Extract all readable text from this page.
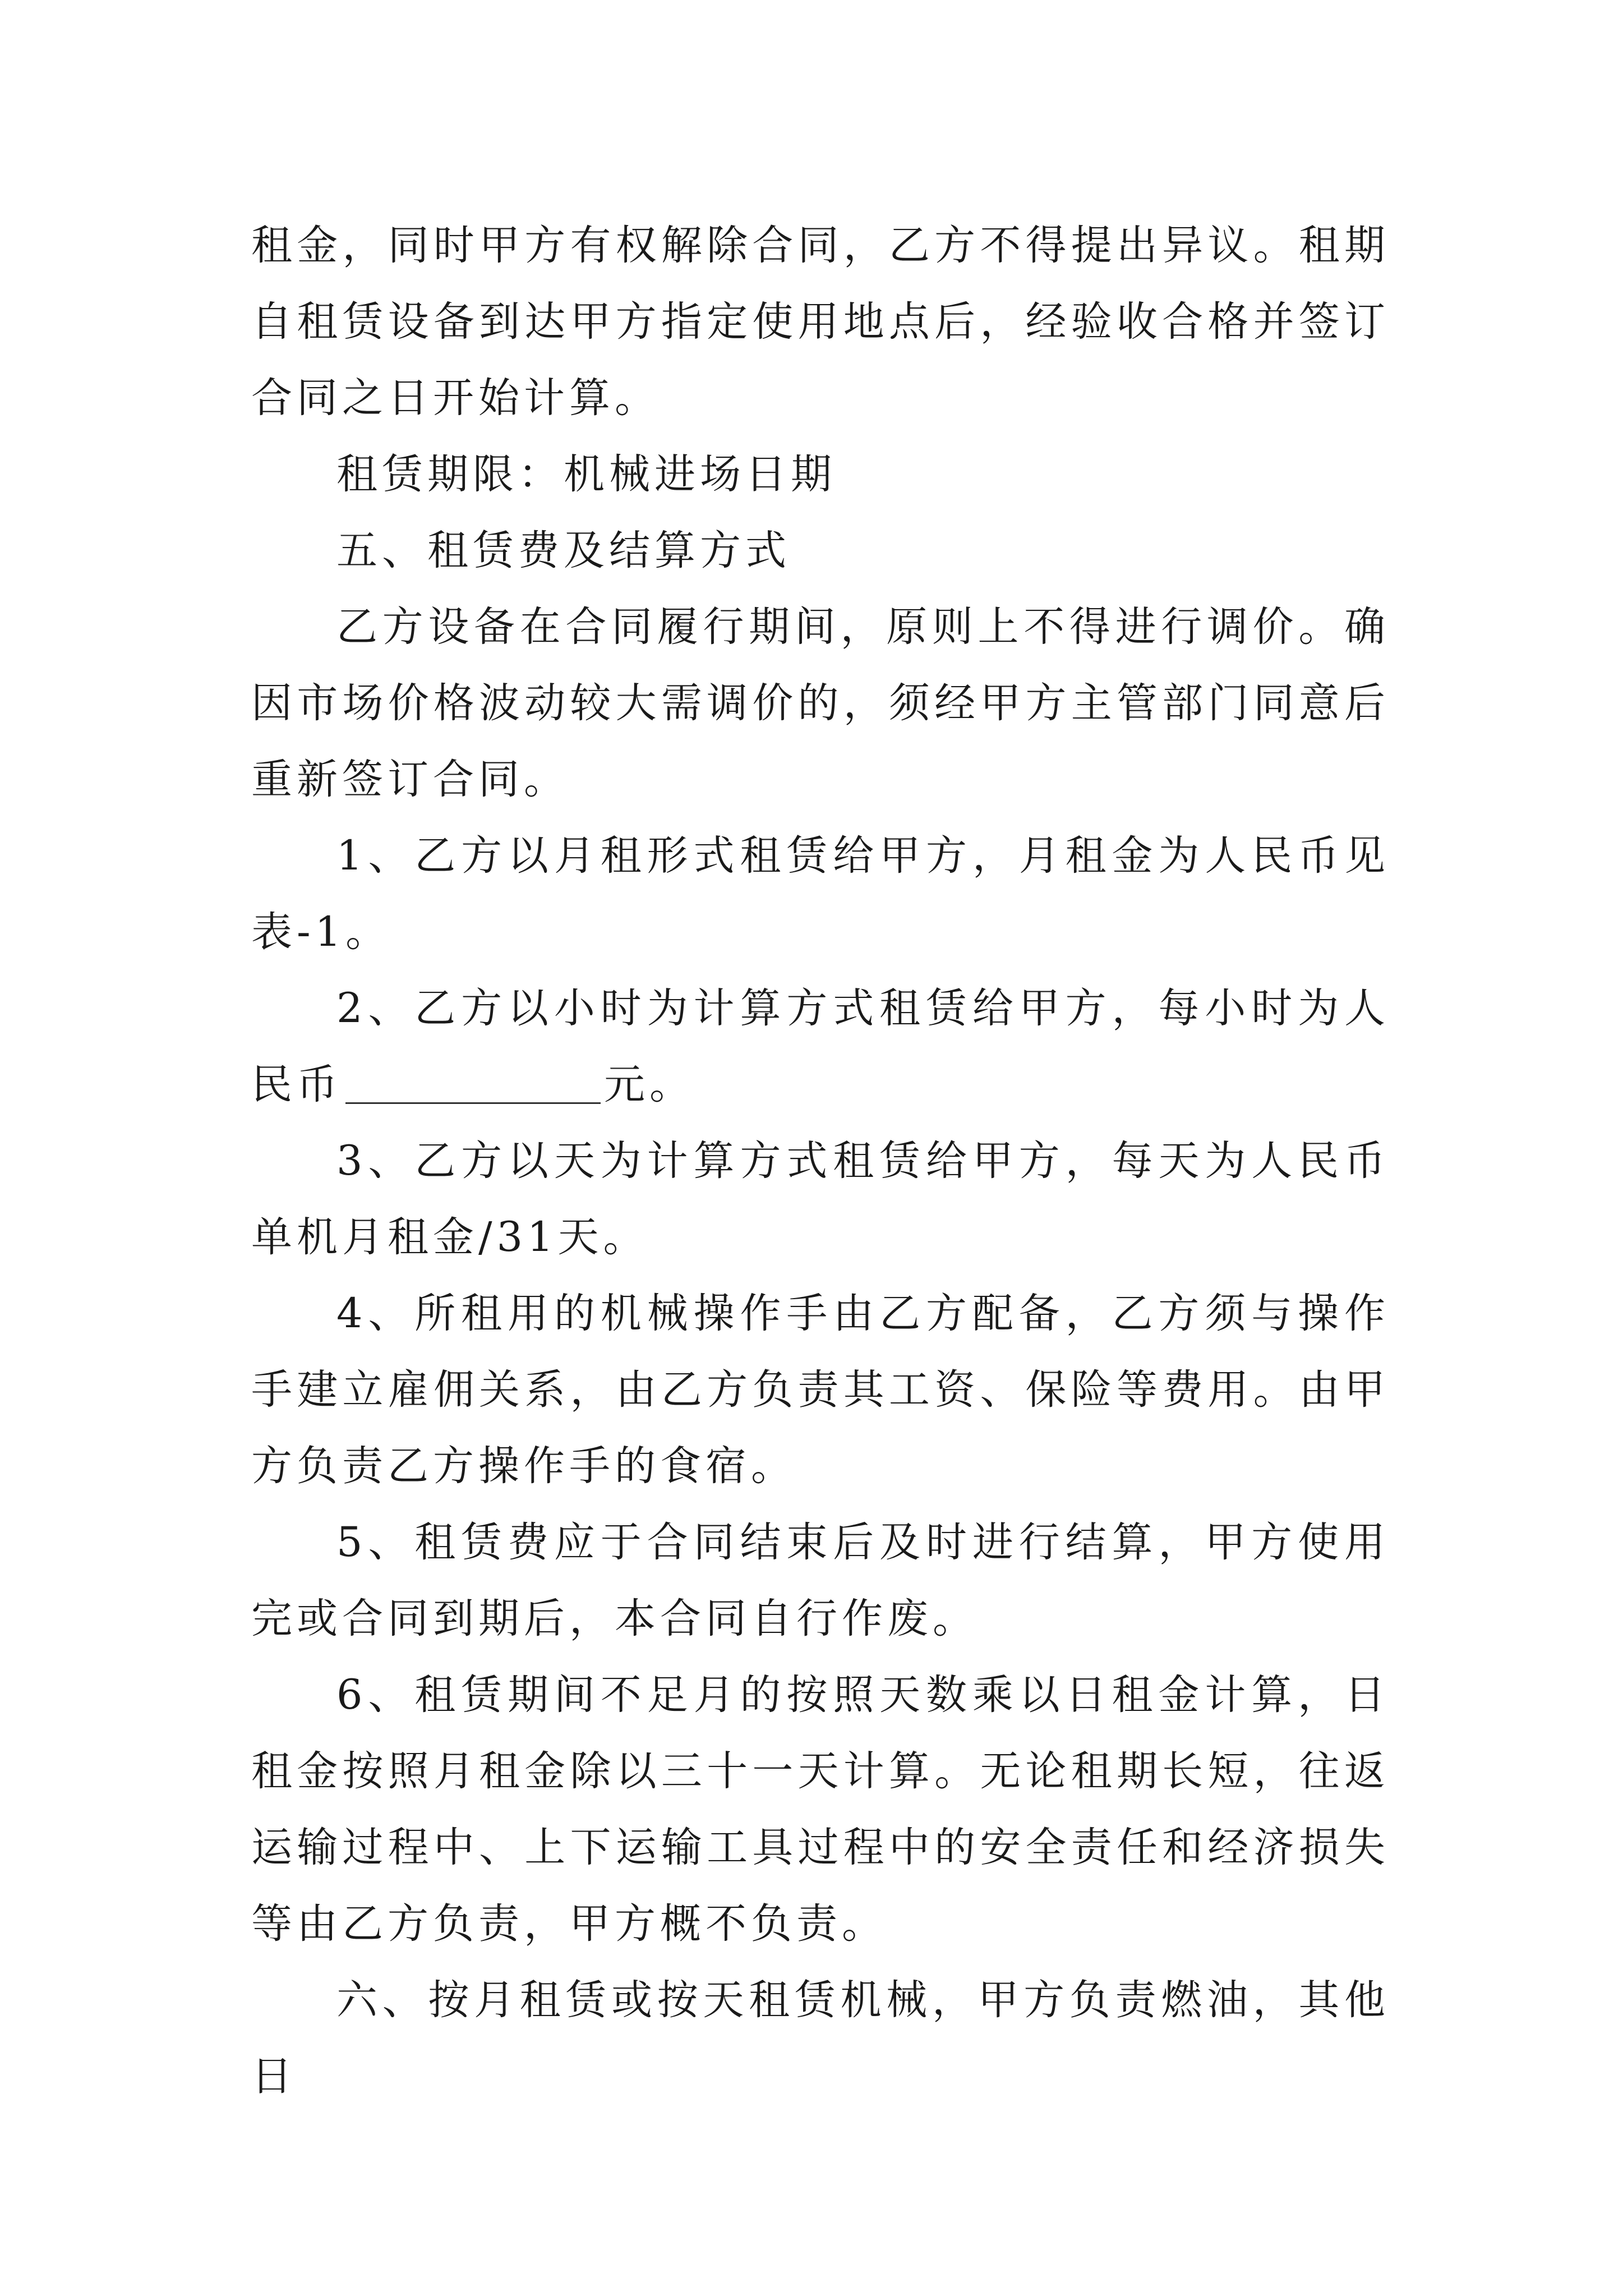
租金，同时甲方有权解除合同，乙方不得提出异议。租期自租赁设备到达甲方指定使用地点后，经验收合格并签订合同之日开始计算。

租赁期限：机械进场日期

五、租赁费及结算方式

乙方设备在合同履行期间，原则上不得进行调价。确因市场价格波动较大需调价的，须经甲方主管部门同意后重新签订合同。

1、乙方以月租形式租赁给甲方，月租金为人民币见表-1。

2、乙方以小时为计算方式租赁给甲方，每小时为人民币	元。

3、乙方以天为计算方式租赁给甲方，每天为人民币单机月租金/31天。

4、所租用的机械操作手由乙方配备，乙方须与操作手建立雇佣关系，由乙方负责其工资、保险等费用。由甲方负责乙方操作手的食宿。

5、租赁费应于合同结束后及时进行结算，甲方使用完或合同到期后，本合同自行作废。

6、租赁期间不足月的按照天数乘以日租金计算，日租金按照月租金除以三十一天计算。无论租期长短，往返运输过程中、上下运输工具过程中的安全责任和经济损失等由乙方负责，甲方概不负责。

六、按月租赁或按天租赁机械，甲方负责燃油，其他日
